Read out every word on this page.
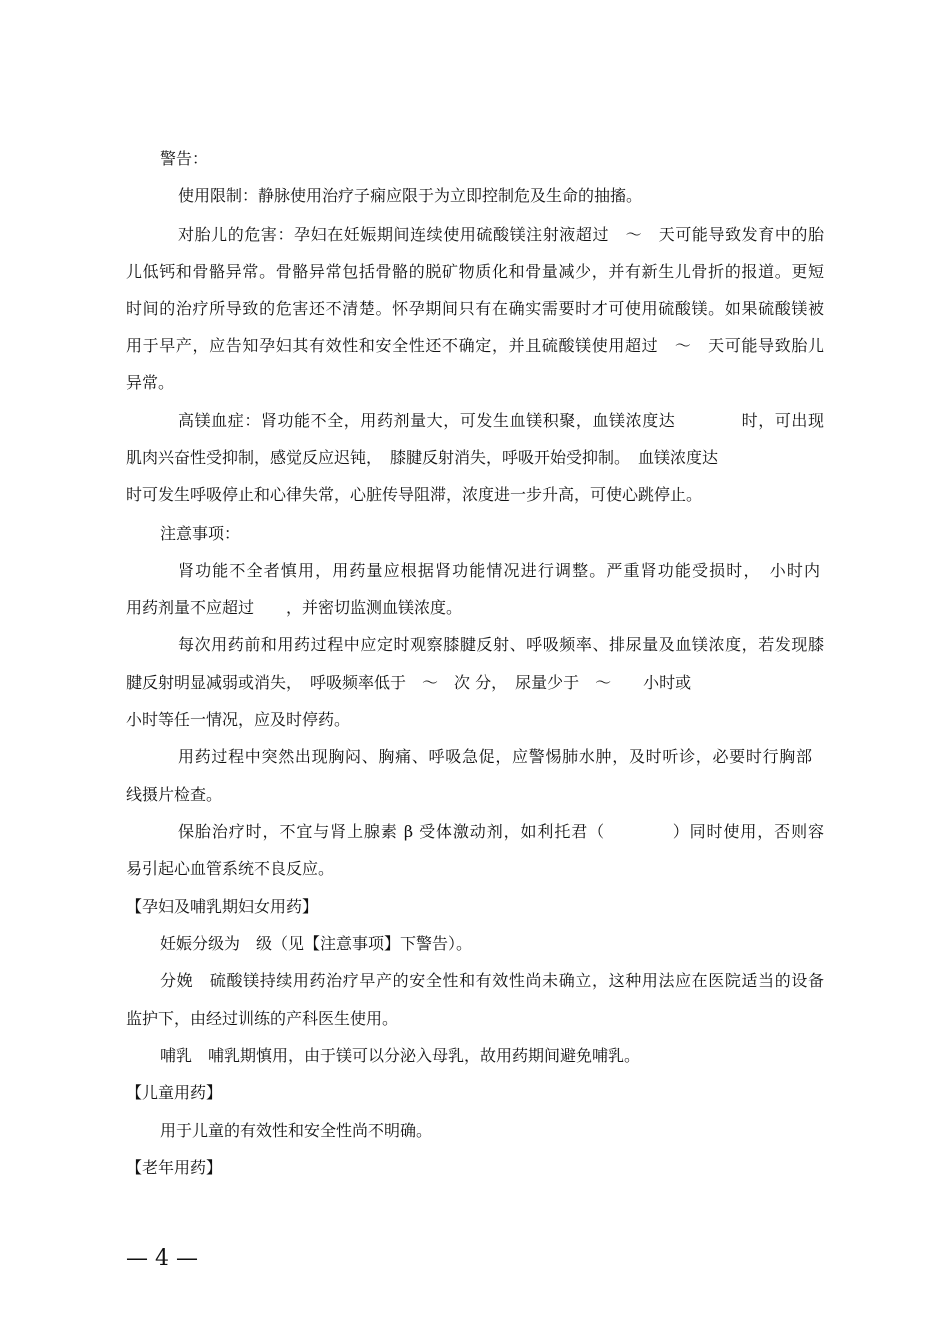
警告：
使用限制：静脉使用治疗子痫应限于为立即控制危及生命的抽搐。
对胎儿的危害：孕妇在妊娠期间连续使用硫酸镁注射液超过　～　天可能导致发育中的胎
儿低钙和骨骼异常。骨骼异常包括骨骼的脱矿物质化和骨量减少，并有新生儿骨折的报道。更短
时间的治疗所导致的危害还不清楚。怀孕期间只有在确实需要时才可使用硫酸镁。如果硫酸镁被
用于早产，应告知孕妇其有效性和安全性还不确定，并且硫酸镁使用超过　～　天可能导致胎儿
异常。
高镁血症：肾功能不全，用药剂量大，可发生血镁积聚，血镁浓度达　　　　时，可出现
肌肉兴奋性受抑制，感觉反应迟钝，　膝腱反射消失，呼吸开始受抑制。　血镁浓度达
时可发生呼吸停止和心律失常，心脏传导阻滞，浓度进一步升高，可使心跳停止。
注意事项：
肾功能不全者慎用，用药量应根据肾功能情况进行调整。严重肾功能受损时，　小时内
用药剂量不应超过　　，并密切监测血镁浓度。
每次用药前和用药过程中应定时观察膝腱反射、呼吸频率、排尿量及血镁浓度，若发现膝
腱反射明显减弱或消失，　呼吸频率低于　～　次 分，　尿量少于　～　　小时或
小时等任一情况，应及时停药。
用药过程中突然出现胸闷、胸痛、呼吸急促，应警惕肺水肿，及时听诊，必要时行胸部
线摄片检查。
保胎治疗时，不宜与肾上腺素 β 受体激动剂，如利托君（　　　　）同时使用，否则容
易引起心血管系统不良反应。
【孕妇及哺乳期妇女用药】
妊娠分级为　级（见【注意事项】下警告）。
分娩　硫酸镁持续用药治疗早产的安全性和有效性尚未确立，这种用法应在医院适当的设备
监护下，由经过训练的产科医生使用。
哺乳　哺乳期慎用，由于镁可以分泌入母乳，故用药期间避免哺乳。
【儿童用药】
用于儿童的有效性和安全性尚不明确。
【老年用药】
— 4 —
